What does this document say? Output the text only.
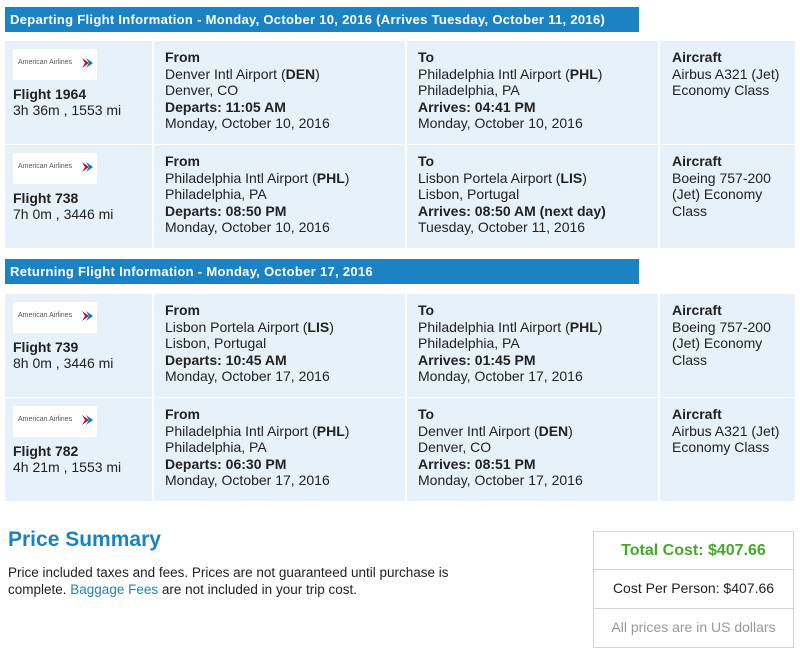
Departing Flight Information - Monday, October 10, 2016 (Arrives Tuesday, October 11, 2016)
American Airlines
Flight 1964
3h 36m , 1553 mi
From
Denver Intl Airport (DEN)
Denver, CO
Departs: 11:05 AM
Monday, October 10, 2016
To
Philadelphia Intl Airport (PHL)
Philadelphia, PA
Arrives: 04:41 PM
Monday, October 10, 2016
Aircraft
Airbus A321 (Jet) Economy Class
American Airlines
Flight 738
7h 0m , 3446 mi
From
Philadelphia Intl Airport (PHL)
Philadelphia, PA
Departs: 08:50 PM
Monday, October 10, 2016
To
Lisbon Portela Airport (LIS)
Lisbon, Portugal
Arrives: 08:50 AM (next day)
Tuesday, October 11, 2016
Aircraft
Boeing 757-200 (Jet) Economy Class
Returning Flight Information - Monday, October 17, 2016
American Airlines
Flight 739
8h 0m , 3446 mi
From
Lisbon Portela Airport (LIS)
Lisbon, Portugal
Departs: 10:45 AM
Monday, October 17, 2016
To
Philadelphia Intl Airport (PHL)
Philadelphia, PA
Arrives: 01:45 PM
Monday, October 17, 2016
Aircraft
Boeing 757-200 (Jet) Economy Class
American Airlines
Flight 782
4h 21m , 1553 mi
From
Philadelphia Intl Airport (PHL)
Philadelphia, PA
Departs: 06:30 PM
Monday, October 17, 2016
To
Denver Intl Airport (DEN)
Denver, CO
Arrives: 08:51 PM
Monday, October 17, 2016
Aircraft
Airbus A321 (Jet) Economy Class
Price Summary
Price included taxes and fees. Prices are not guaranteed until purchase is complete. Baggage Fees are not included in your trip cost.
Total Cost: $407.66
Cost Per Person: $407.66
All prices are in US dollars
